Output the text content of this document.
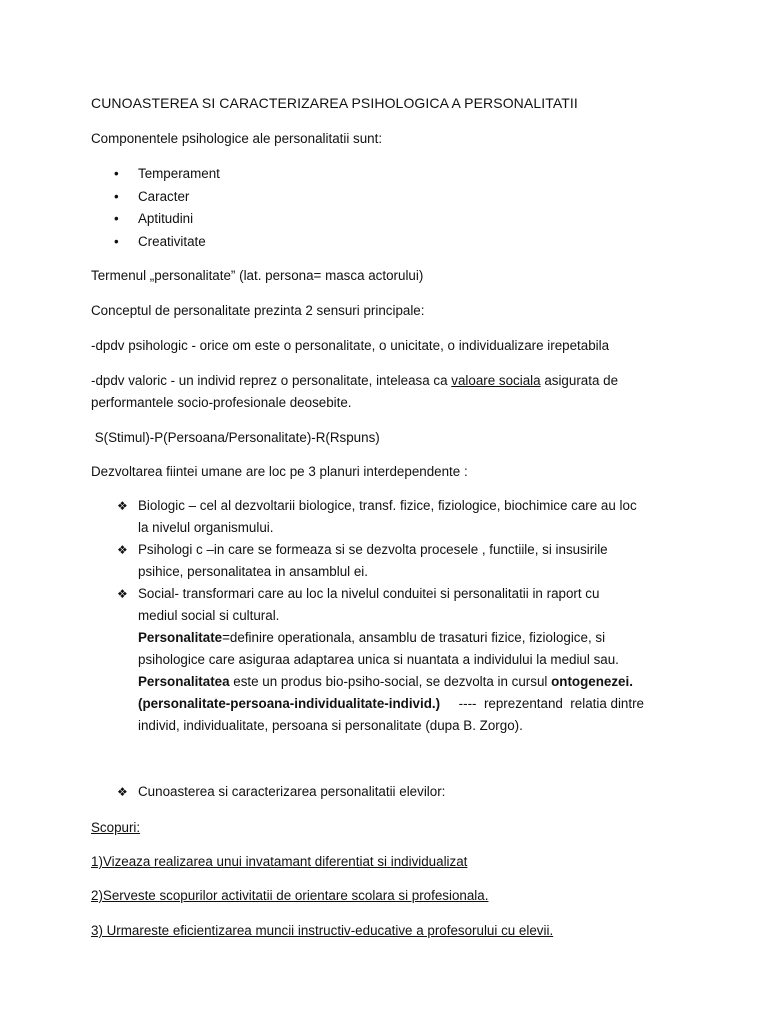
CUNOASTEREA SI CARACTERIZAREA PSIHOLOGICA A PERSONALITATII
Componentele psihologice ale personalitatii sunt:
• Temperament
• Caracter
• Aptitudini
• Creativitate
Termenul „personalitate” (lat. persona= masca actorului)
Conceptul de personalitate prezinta 2 sensuri principale:
-dpdv psihologic - orice om este o personalitate, o unicitate, o individualizare irepetabila
-dpdv valoric - un individ reprez o personalitate, inteleasa ca valoare sociala asigurata de
performantele socio-profesionale deosebite.
S(Stimul)-P(Persoana/Personalitate)-R(Rspuns)
Dezvoltarea fiintei umane are loc pe 3 planuri interdependente :
❖ Biologic – cel al dezvoltarii biologice, transf. fizice, fiziologice, biochimice care au loc
la nivelul organismului.
❖ Psihologi c –in care se formeaza si se dezvolta procesele , functiile, si insusirile
psihice, personalitatea in ansamblul ei.
❖ Social- transformari care au loc la nivelul conduitei si personalitatii in raport cu
mediul social si cultural.
Personalitate=definire operationala, ansamblu de trasaturi fizice, fiziologice, si
psihologice care asiguraa adaptarea unica si nuantata a individului la mediul sau.
Personalitatea este un produs bio-psiho-social, se dezvolta in cursul ontogenezei.
(personalitate-persoana-individualitate-individ.)     ----  reprezentand  relatia dintre
individ, individualitate, persoana si personalitate (dupa B. Zorgo).
❖ Cunoasterea si caracterizarea personalitatii elevilor:
Scopuri:
1)Vizeaza realizarea unui invatamant diferentiat si individualizat
2)Serveste scopurilor activitatii de orientare scolara si profesionala.
3) Urmareste eficientizarea muncii instructiv-educative a profesorului cu elevii.
